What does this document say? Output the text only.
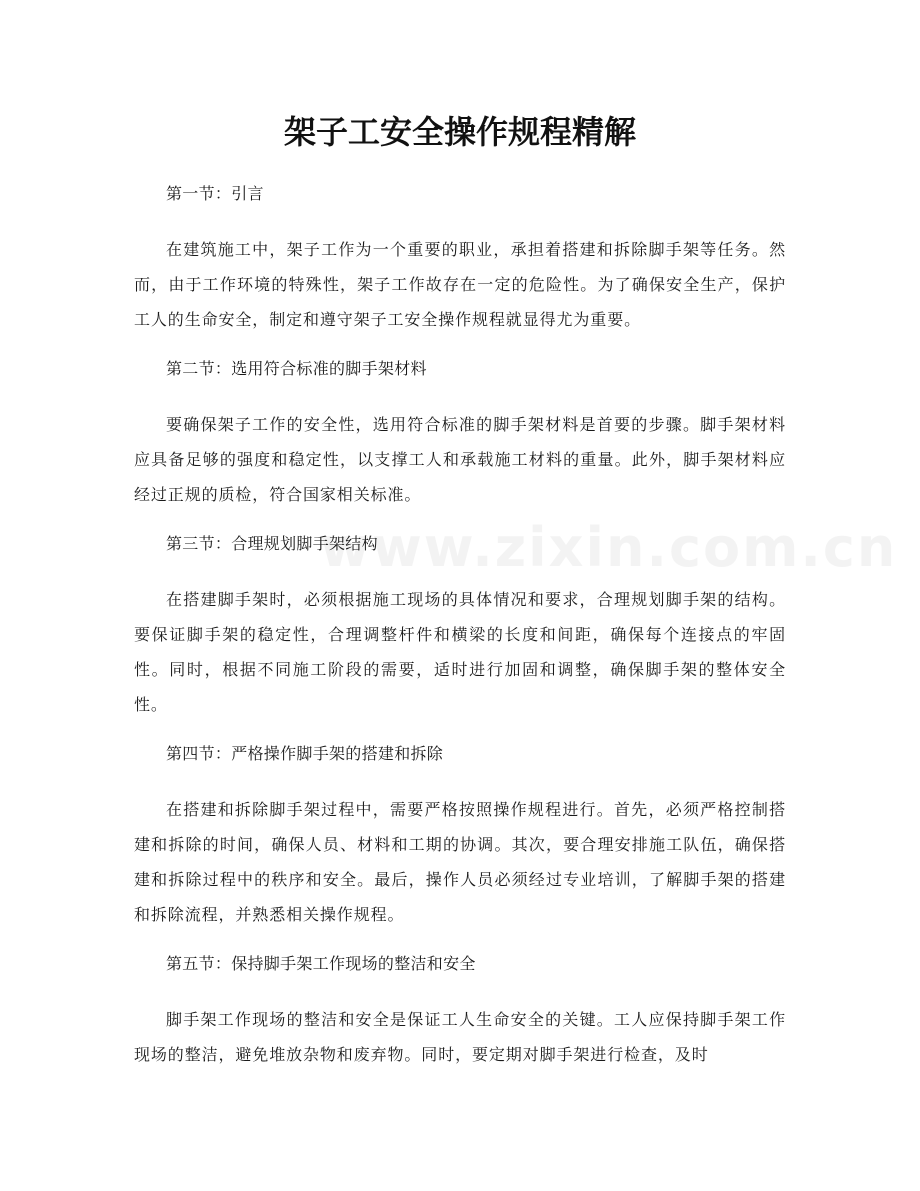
www.zixin.com.cn
架子工安全操作规程精解

第一节：引言

在建筑施工中，架子工作为一个重要的职业，承担着搭建和拆除脚手架等任务。然而，由于工作环境的特殊性，架子工作故存在一定的危险性。为了确保安全生产，保护工人的生命安全，制定和遵守架子工安全操作规程就显得尤为重要。

第二节：选用符合标准的脚手架材料

要确保架子工作的安全性，选用符合标准的脚手架材料是首要的步骤。脚手架材料应具备足够的强度和稳定性，以支撑工人和承载施工材料的重量。此外，脚手架材料应经过正规的质检，符合国家相关标准。

第三节：合理规划脚手架结构

在搭建脚手架时，必须根据施工现场的具体情况和要求，合理规划脚手架的结构。要保证脚手架的稳定性，合理调整杆件和横梁的长度和间距，确保每个连接点的牢固性。同时，根据不同施工阶段的需要，适时进行加固和调整，确保脚手架的整体安全性。

第四节：严格操作脚手架的搭建和拆除

在搭建和拆除脚手架过程中，需要严格按照操作规程进行。首先，必须严格控制搭建和拆除的时间，确保人员、材料和工期的协调。其次，要合理安排施工队伍，确保搭建和拆除过程中的秩序和安全。最后，操作人员必须经过专业培训，了解脚手架的搭建和拆除流程，并熟悉相关操作规程。

第五节：保持脚手架工作现场的整洁和安全

脚手架工作现场的整洁和安全是保证工人生命安全的关键。工人应保持脚手架工作现场的整洁，避免堆放杂物和废弃物。同时，要定期对脚手架进行检查，及时
